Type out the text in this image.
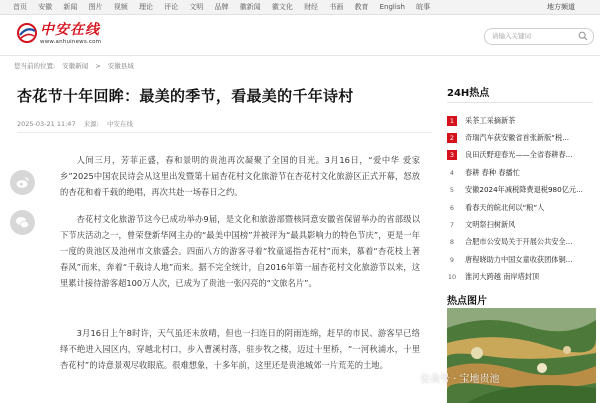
首页 安徽 新闻 图片 视频 理论 评论 文明 品牌 徽新闻 徽文化 财经 书画 教育 English 皖事	地方频道
中安在线
www.anhuinews.com
请输入关键词
您当前的位置: 安徽新闻 > 安徽县域
杏花节十年回眸：最美的季节，看最美的千年诗村
2025-03-21 11:47 来源: 中安在线

人间三月，芳菲正盛，春和景明的贵池再次凝聚了全国的目光。3月16日，“爱中华 爱家乡”2025中国农民诗会从这里出发暨第十届杏花村文化旅游节在杏花村文化旅游区正式开幕，怒放的杏花和着千载的绝唱，再次共赴一场春日之约。

杏花村文化旅游节这今已成功举办9届，是文化和旅游部暨核同意安徽省保留举办的省部级以下节庆活动之一，曾荣登新华网主办的“最美中国榜”并被评为“最具影响力的特色节庆”，更是一年一度的贵池区及池州市文旅盛会。四面八方的游客寻着“牧童遥指杏花村”而来，慕着“杏花枝上著春风”而来，奔着“千载诗人地”而来。据不完全统计，自2016年第一届杏花村文化旅游节以来，这里累计接待游客超100万人次，已成为了贵池一张闪亮的“文旅名片”。

3月16日上午8时许，天气虽还未放晴，但也一扫连日的阴雨连绵，赶早的市民、游客早已络绎不绝进入园区内，穿越北村口，步入曹溪村落，驻步牧之楼，迈过十里桥，“一河秋浦水，十里杏花村”的诗意景观尽收眼底。很难想象，十多年前，这里还是贵池城郊一片荒芜的土地。

24H热点
1	采茶工采摘新茶
2	奇瑞汽车获安徽省首张新版“税...
3	良田沃野迎春光——全省春耕春...
4	春耕 春种 春播忙
5	安徽2024年减税降费退税980亿元...
6	看春天的皖北何以“粮”人
7	文明祭扫树新风
8	合肥市公安局关于开展公共安全...
9	唐程晓助力中国女童收获团体铜...
10 淮河大跨越 南岸塔封顶
热点图片
公众号 · 宝地贵池
